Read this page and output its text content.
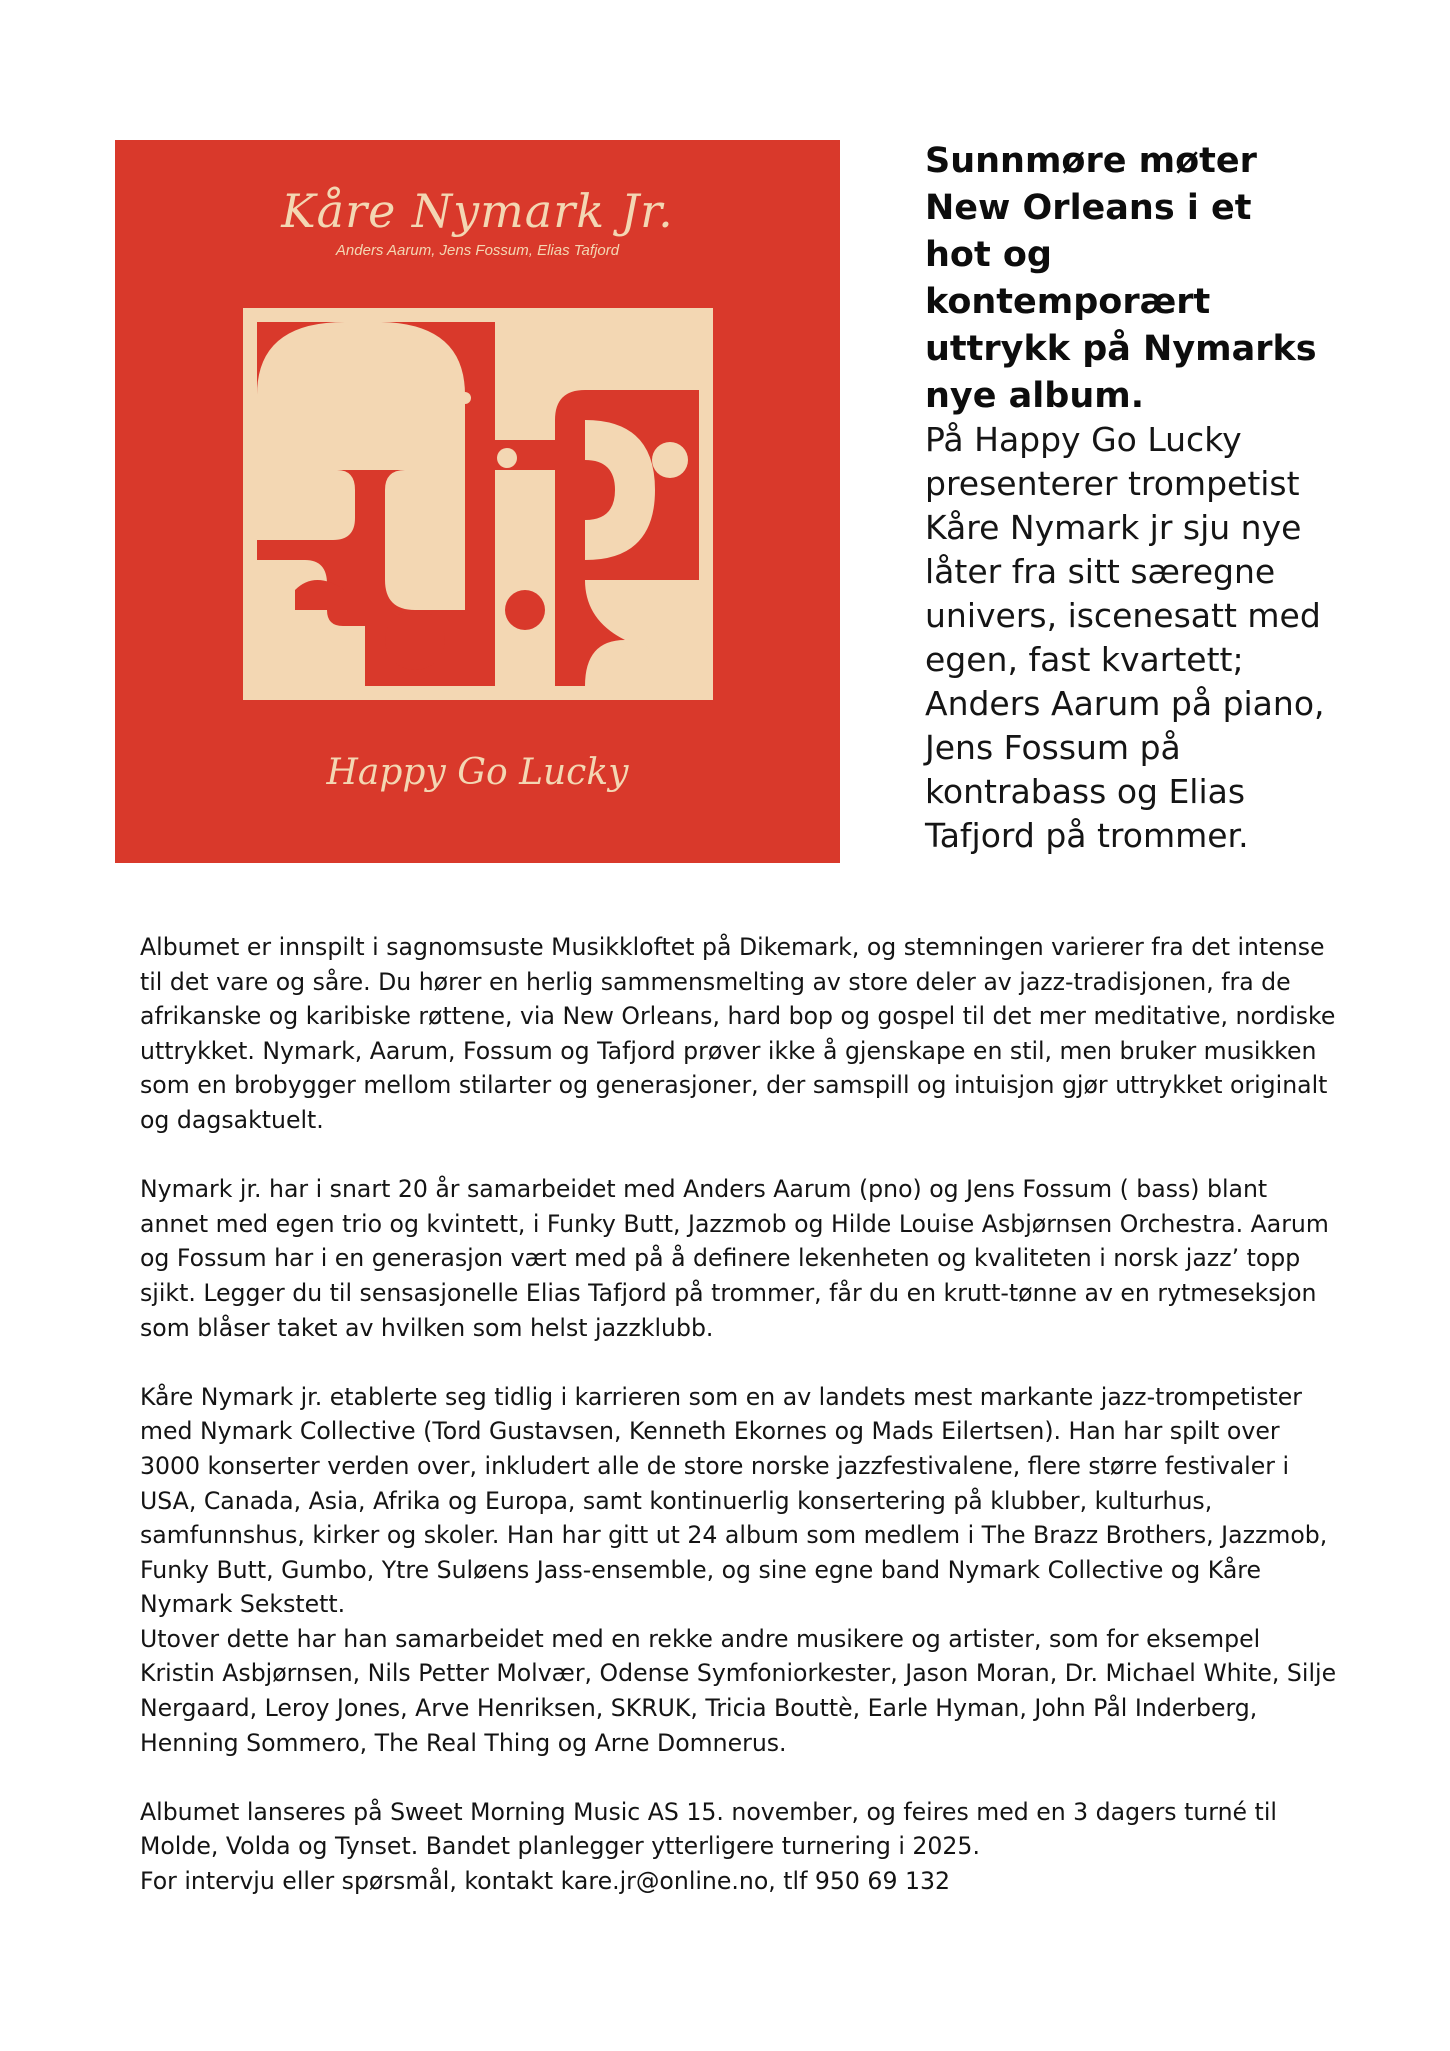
Kåre Nymark Jr.
Anders Aarum, Jens Fossum, Elias Tafjord
Happy Go Lucky
Sunnmøre møter New Orleans i et hot og kontemporært uttrykk på Nymarks nye album.

På Happy Go Lucky presenterer trompetist Kåre Nymark jr sju nye låter fra sitt særegne univers, iscenesatt med egen, fast kvartett; Anders Aarum på piano, Jens Fossum på kontrabass og Elias Tafjord på trommer.

Albumet er innspilt i sagnomsuste Musikkloftet på Dikemark, og stemningen varierer fra det intense til det vare og såre. Du hører en herlig sammensmelting av store deler av jazz-tradisjonen, fra de afrikanske og karibiske røttene, via New Orleans, hard bop og gospel til det mer meditative, nordiske uttrykket. Nymark, Aarum, Fossum og Tafjord prøver ikke å gjenskape en stil, men bruker musikken som en brobygger mellom stilarter og generasjoner, der samspill og intuisjon gjør uttrykket originalt og dagsaktuelt.

Nymark jr. har i snart 20 år samarbeidet med Anders Aarum (pno) og Jens Fossum ( bass) blant annet med egen trio og kvintett, i Funky Butt, Jazzmob og Hilde Louise Asbjørnsen Orchestra. Aarum og Fossum har i en generasjon vært med på å definere lekenheten og kvaliteten i norsk jazz’ topp sjikt. Legger du til sensasjonelle Elias Tafjord på trommer, får du en krutt-tønne av en rytmeseksjon som blåser taket av hvilken som helst jazzklubb.

Kåre Nymark jr. etablerte seg tidlig i karrieren som en av landets mest markante jazz-trompetister med Nymark Collective (Tord Gustavsen, Kenneth Ekornes og Mads Eilertsen). Han har spilt over 3000 konserter verden over, inkludert alle de store norske jazzfestivalene, flere større festivaler i USA, Canada, Asia, Afrika og Europa, samt kontinuerlig konsertering på klubber, kulturhus, samfunnshus, kirker og skoler. Han har gitt ut 24 album som medlem i The Brazz Brothers, Jazzmob, Funky Butt, Gumbo, Ytre Suløens Jass-ensemble, og sine egne band Nymark Collective og Kåre Nymark Sekstett.

Utover dette har han samarbeidet med en rekke andre musikere og artister, som for eksempel Kristin Asbjørnsen, Nils Petter Molvær, Odense Symfoniorkester, Jason Moran, Dr. Michael White, Silje Nergaard, Leroy Jones, Arve Henriksen, SKRUK, Tricia Bouttè, Earle Hyman, John Pål Inderberg, Henning Sommero, The Real Thing og Arne Domnerus.

Albumet lanseres på Sweet Morning Music AS 15. november, og feires med en 3 dagers turné til Molde, Volda og Tynset. Bandet planlegger ytterligere turnering i 2025.
For intervju eller spørsmål, kontakt kare.jr@online.no, tlf 950 69 132
